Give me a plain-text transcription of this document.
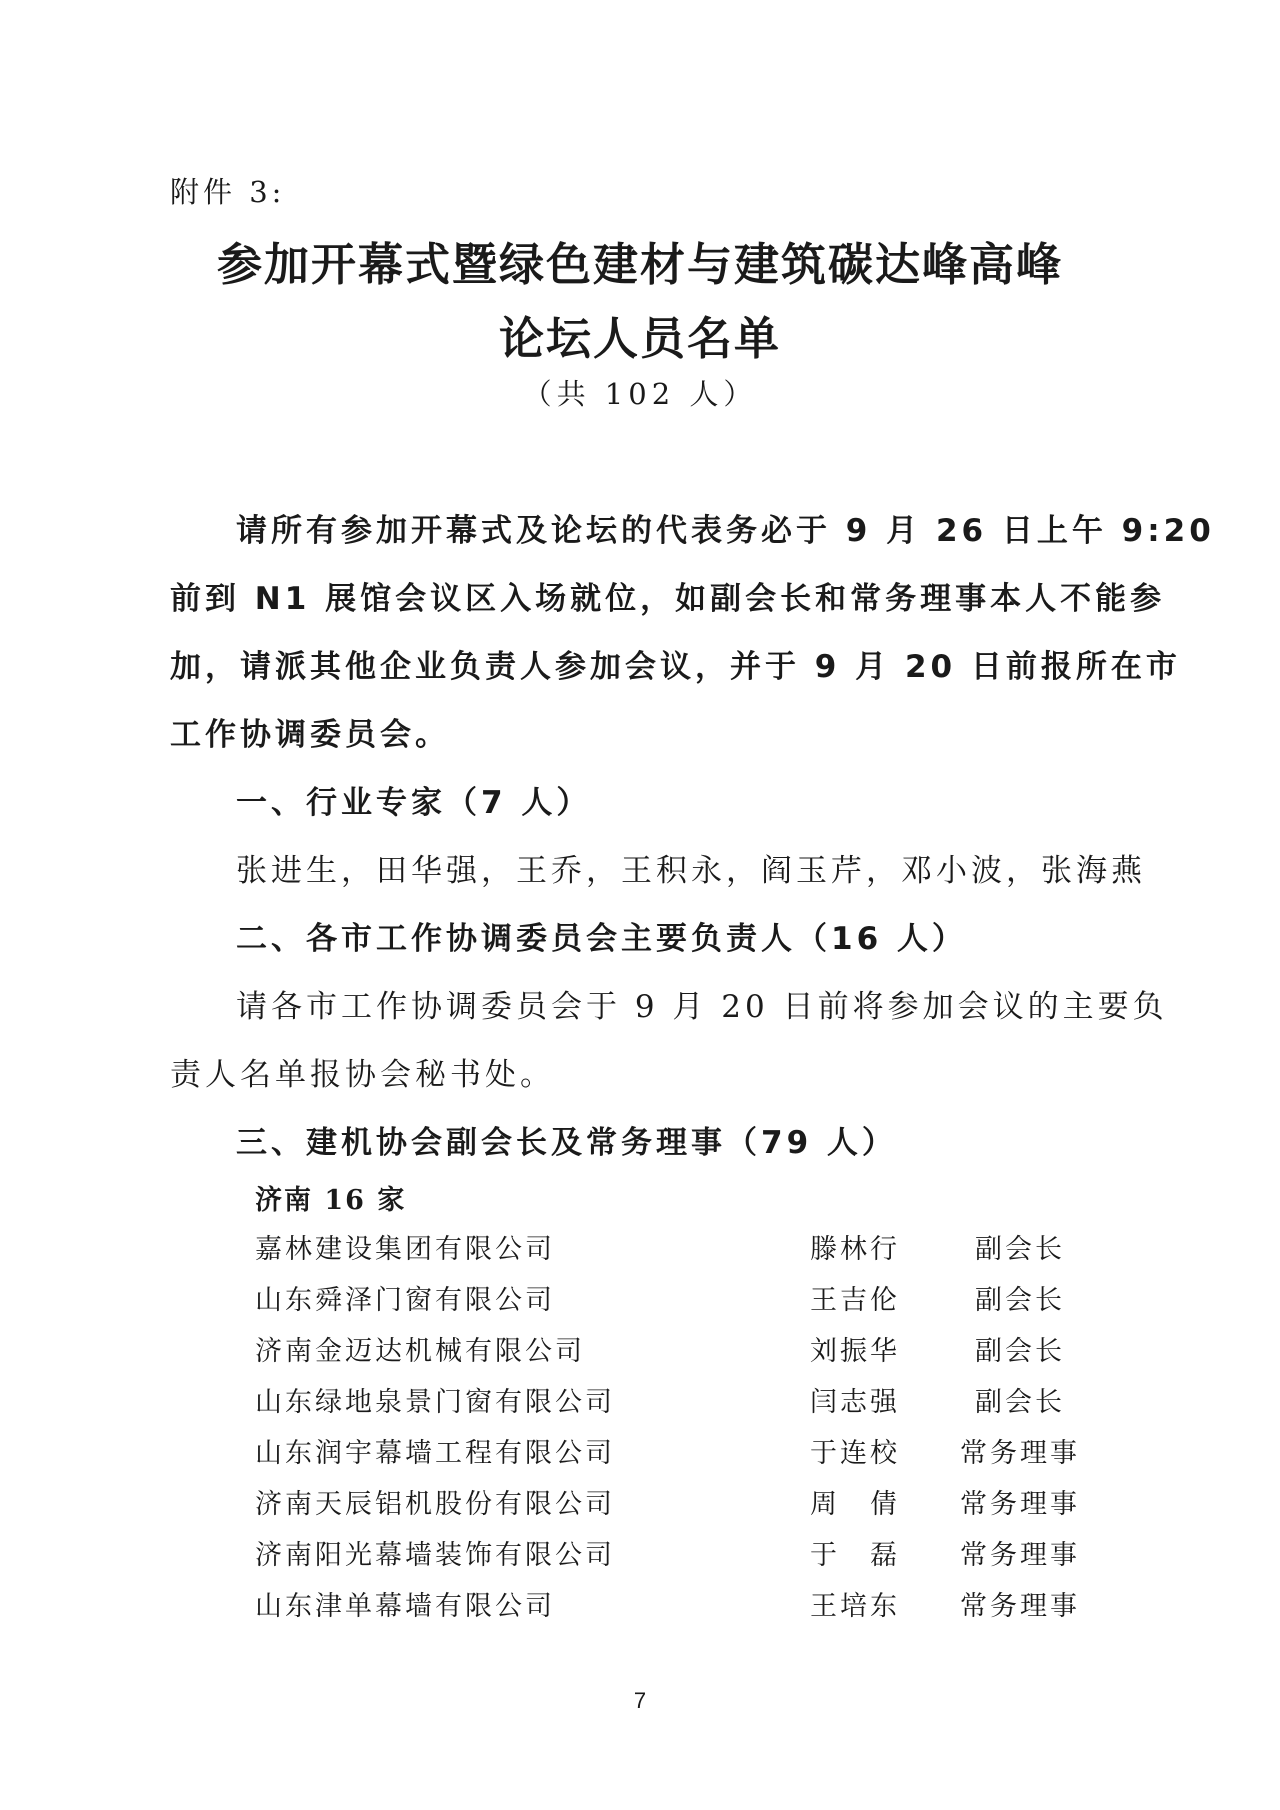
附件 3:
参加开幕式暨绿色建材与建筑碳达峰高峰
论坛人员名单
（共 102 人）
请所有参加开幕式及论坛的代表务必于 9 月 26 日上午 9:20
前到 N1 展馆会议区入场就位，如副会长和常务理事本人不能参
加，请派其他企业负责人参加会议，并于 9 月 20 日前报所在市
工作协调委员会。
一、行业专家（7 人）
张进生，田华强，王乔，王积永，阎玉芹，邓小波，张海燕
二、各市工作协调委员会主要负责人（16 人）
请各市工作协调委员会于 9 月 20 日前将参加会议的主要负
责人名单报协会秘书处。
三、建机协会副会长及常务理事（79 人）
济南 16 家
嘉林建设集团有限公司	滕林行	副会长
山东舜泽门窗有限公司	王吉伦	副会长
济南金迈达机械有限公司	刘振华	副会长
山东绿地泉景门窗有限公司	闫志强	副会长
山东润宇幕墙工程有限公司	于连校 常务理事
济南天辰铝机股份有限公司	周　倩 常务理事
济南阳光幕墙装饰有限公司	于　磊 常务理事
山东津单幕墙有限公司	王培东 常务理事
7
